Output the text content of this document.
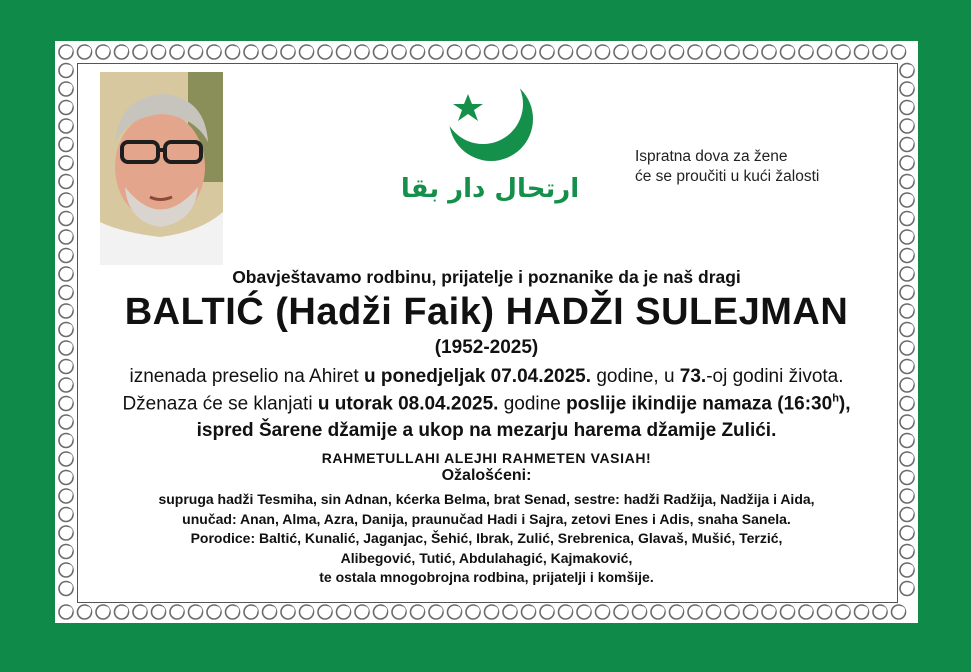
ارتحال دار بقا
Ispratna dova za žene
će se proučiti u kući žalosti
Obavještavamo rodbinu, prijatelje i poznanike da je naš dragi
BALTIĆ (Hadži Faik) HADŽI SULEJMAN
(1952-2025)
iznenada preselio na Ahiret u ponedjeljak 07.04.2025. godine, u 73.-oj godini života.
Dženaza će se klanjati u utorak 08.04.2025. godine poslije ikindije namaza (16:30$^h$),
ispred Šarene džamije a ukop na mezarju harema džamije Zulići.
RAHMETULLAHI ALEJHI RAHMETEN VASIAH!
Ožalošćeni:
supruga hadži Tesmiha, sin Adnan, kćerka Belma, brat Senad, sestre: hadži Radžija, Nadžija i Aida,
unučad: Anan, Alma, Azra, Danija, praunučad Hadi i Sajra, zetovi Enes i Adis, snaha Sanela.
Porodice: Baltić, Kunalić, Jaganjac, Šehić, Ibrak, Zulić, Srebrenica, Glavaš, Mušić, Terzić,
Alibegović, Tutić, Abdulahagić, Kajmaković,
te ostala mnogobrojna rodbina, prijatelji i komšije.
